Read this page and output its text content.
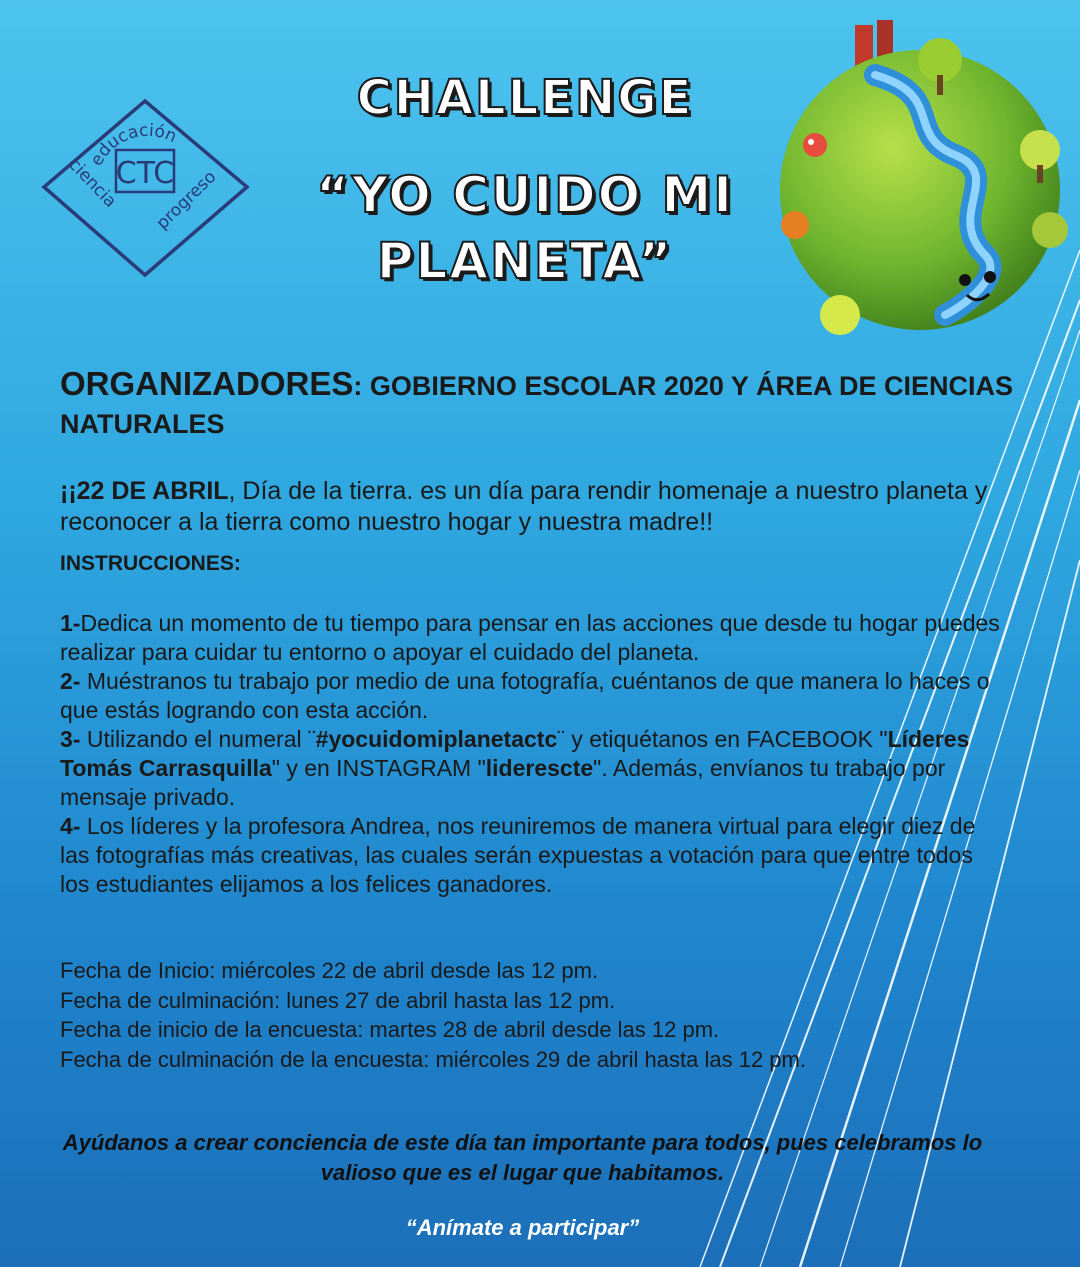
educación
ciencia
progreso
CTC
CHALLENGE
“YO CUIDO MI
PLANETA”
ORGANIZADORES: GOBIERNO ESCOLAR 2020 Y ÁREA DE CIENCIAS NATURALES
¡¡22 DE ABRIL, Día de la tierra. es un día para rendir homenaje a nuestro planeta y reconocer a la tierra como nuestro hogar y nuestra madre!!
INSTRUCCIONES:

1-Dedica un momento de tu tiempo para pensar en las acciones que desde tu hogar puedes realizar para cuidar tu entorno o apoyar el cuidado del planeta.

2- Muéstranos tu trabajo por medio de una fotografía, cuéntanos de que manera lo haces o que estás logrando con esta acción.

3- Utilizando el numeral ¨#yocuidomiplanetactc¨ y etiquétanos en FACEBOOK "Líderes Tomás Carrasquilla" y en INSTAGRAM "liderescte". Además, envíanos tu trabajo por mensaje privado.

4- Los líderes y la profesora Andrea, nos reuniremos de manera virtual para elegir diez de las fotografías más creativas, las cuales serán expuestas a votación para que entre todos los estudiantes elijamos a los felices ganadores.

Fecha de Inicio: miércoles 22 de abril desde las 12 pm.

Fecha de culminación: lunes 27 de abril hasta las 12 pm.

Fecha de inicio de la encuesta: martes 28 de abril desde las 12 pm.

Fecha de culminación de la encuesta: miércoles 29 de abril hasta las 12 pm.

Ayúdanos a crear conciencia de este día tan importante para todos, pues celebramos lo valioso que es el lugar que habitamos.
“Anímate a participar”
